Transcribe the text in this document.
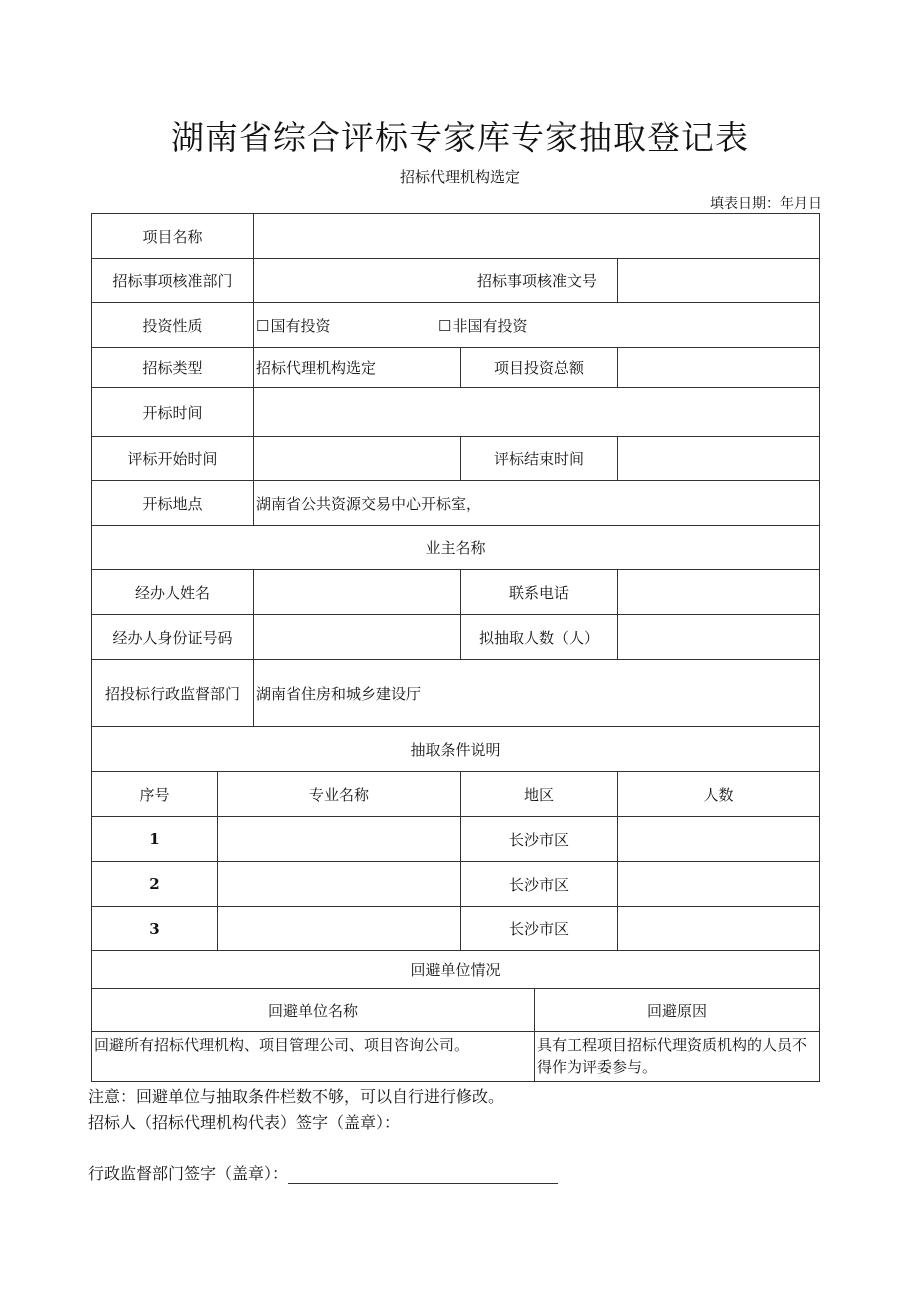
湖南省综合评标专家库专家抽取登记表
招标代理机构选定
填表日期：年月日
项目名称					
招标事项核准部门		招标事项核准文号			
投资性质		☐国有投资 ☐非国有投资			
招标类型		招标代理机构选定	项目投资总额		
开标时间					
评标开始时间			评标结束时间		
开标地点		湖南省公共资源交易中心开标室，			
业主名称					
经办人姓名			联系电话		
经办人身份证号码			拟抽取人数（人）		
招投标行政监督部门		湖南省住房和城乡建设厅			
抽取条件说明					
序号	专业名称		地区		人数
1			长沙市区		
2			长沙市区		
3			长沙市区		
回避单位情况					
回避单位名称				回避原因	
回避所有招标代理机构、项目管理公司、项目咨询公司。				具有工程项目招标代理资质机构的人员不得作为评委参与。	
注意：回避单位与抽取条件栏数不够，可以自行进行修改。
招标人（招标代理机构代表）签字（盖章）：
行政监督部门签字（盖章）：
